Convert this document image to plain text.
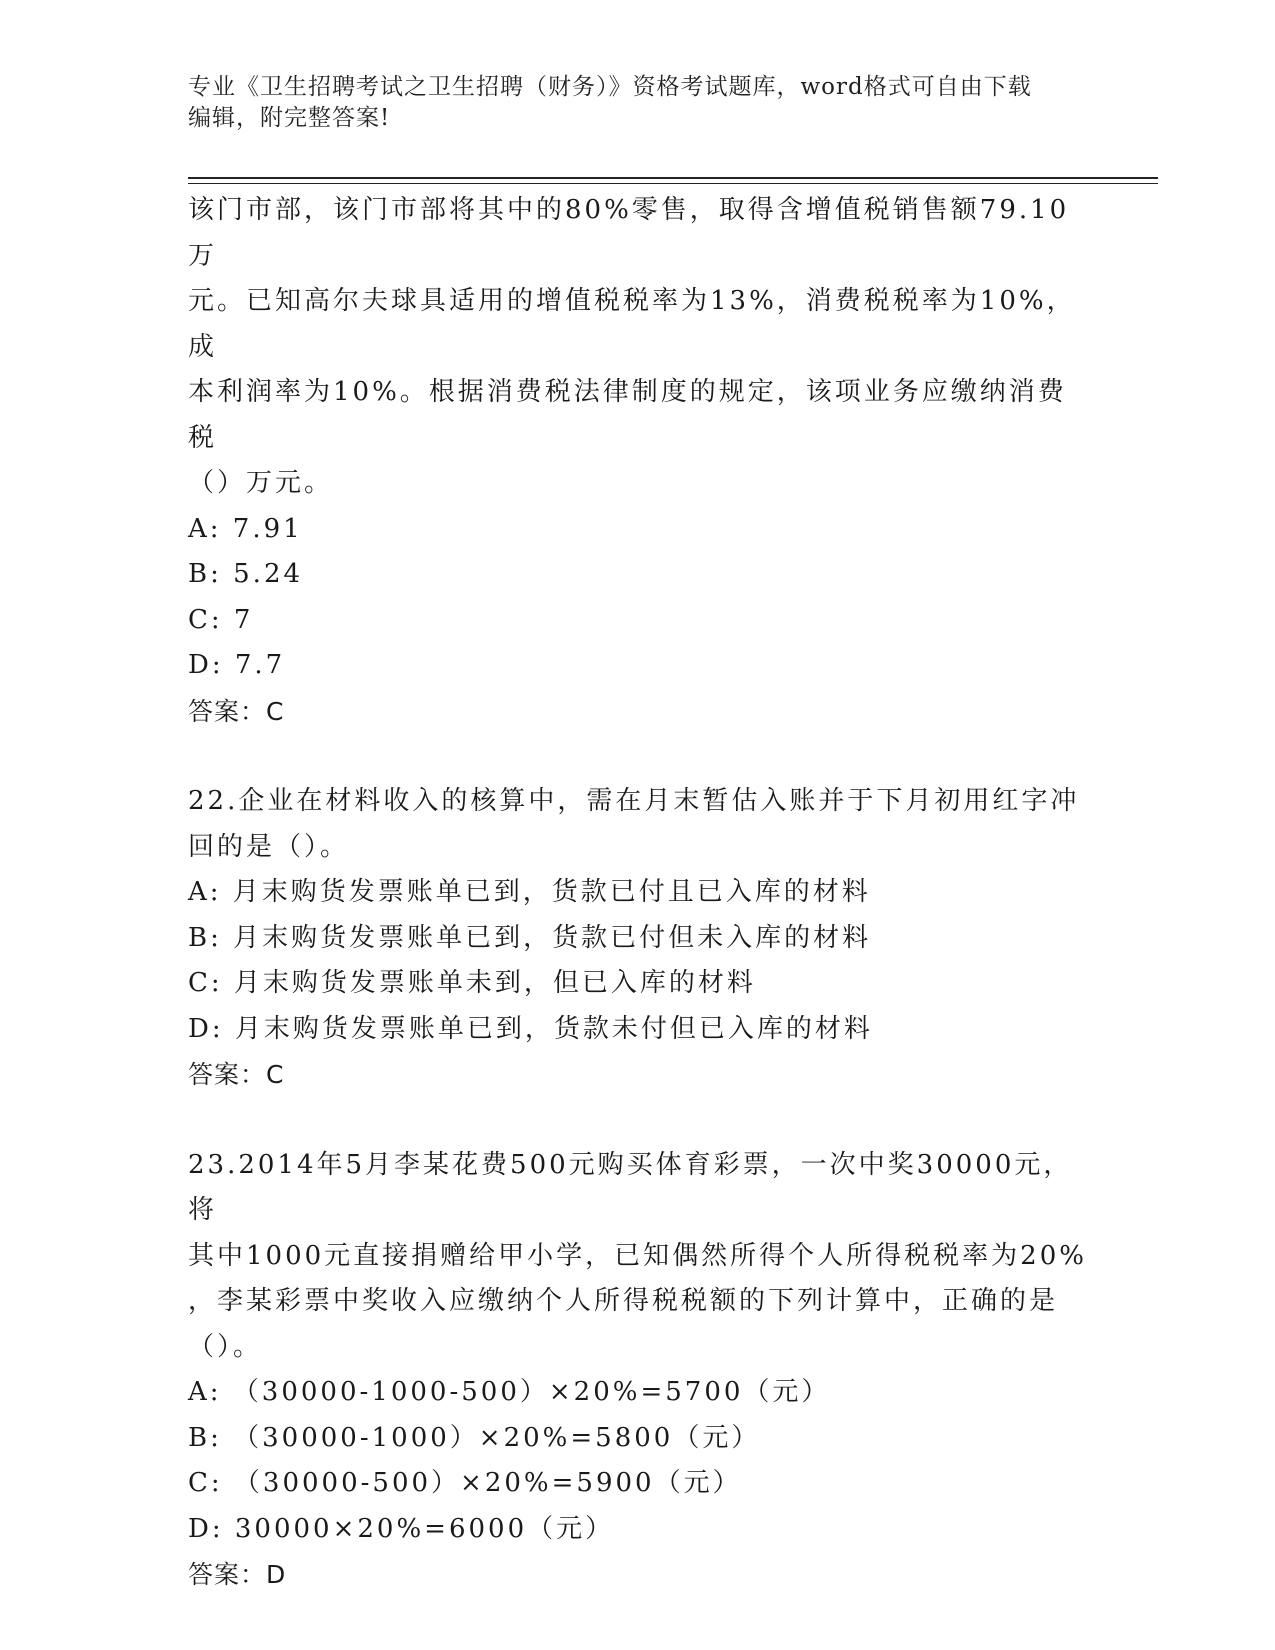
专业《卫生招聘考试之卫生招聘（财务）》资格考试题库，word格式可自由下载
编辑，附完整答案!

该门市部，该门市部将其中的80%零售，取得含增值税销售额79.10万

元。已知高尔夫球具适用的增值税税率为13%，消费税税率为10%，成

本利润率为10%。根据消费税法律制度的规定，该项业务应缴纳消费税

（）万元。

A: 7.91

B: 5.24

C: 7

D: 7.7

答案：C

22.企业在材料收入的核算中，需在月末暂估入账并于下月初用红字冲

回的是（）。

A: 月末购货发票账单已到，货款已付且已入库的材料

B: 月末购货发票账单已到，货款已付但未入库的材料

C: 月末购货发票账单未到，但已入库的材料

D: 月末购货发票账单已到，货款未付但已入库的材料

答案：C

23.2014年5月李某花费500元购买体育彩票，一次中奖30000元，将

其中1000元直接捐赠给甲小学，已知偶然所得个人所得税税率为20%

，李某彩票中奖收入应缴纳个人所得税税额的下列计算中，正确的是

（）。

A: （30000-1000-500）×20%=5700（元）

B: （30000-1000）×20%=5800（元）

C: （30000-500）×20%=5900（元）

D: 30000×20%=6000（元）

答案：D
